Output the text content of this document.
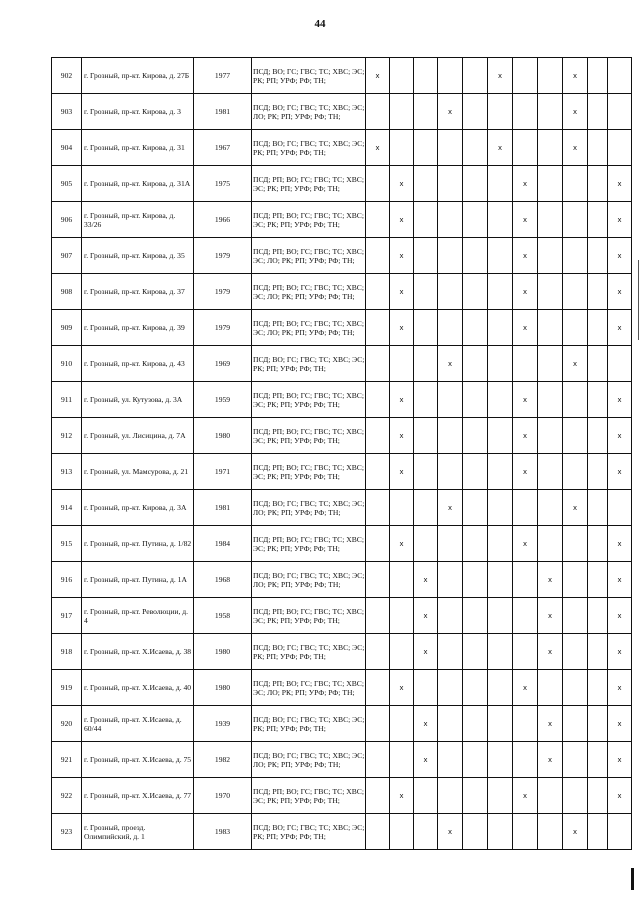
44
902	г. Грозный, пр-кт. Кирова, д. 27Б	1977	ПСД; ВО; ГС; ГВС; ТС; ХВС; ЭС; РК; РП; УРФ; РФ; ТН;	x					x			x		
903	г. Грозный, пр-кт. Кирова, д. 3	1981	ПСД; ВО; ГС; ГВС; ТС; ХВС; ЭС; ЛО; РК; РП; УРФ; РФ; ТН;				x					x		
904	г. Грозный, пр-кт. Кирова, д. 31	1967	ПСД; ВО; ГС; ГВС; ТС; ХВС; ЭС; РК; РП; УРФ; РФ; ТН;	x					x			x		
905	г. Грозный, пр-кт. Кирова, д. 31А	1975	ПСД; РП; ВО; ГС; ГВС; ТС; ХВС; ЭС; РК; РП; УРФ; РФ; ТН;		x					x				x
906	г. Грозный, пр-кт. Кирова, д. 33/26	1966	ПСД; РП; ВО; ГС; ГВС; ТС; ХВС; ЭС; РК; РП; УРФ; РФ; ТН;		x					x				x
907	г. Грозный, пр-кт. Кирова, д. 35	1979	ПСД; РП; ВО; ГС; ГВС; ТС; ХВС; ЭС; ЛО; РК; РП; УРФ; РФ; ТН;		x					x				x
908	г. Грозный, пр-кт. Кирова, д. 37	1979	ПСД; РП; ВО; ГС; ГВС; ТС; ХВС; ЭС; ЛО; РК; РП; УРФ; РФ; ТН;		x					x				x
909	г. Грозный, пр-кт. Кирова, д. 39	1979	ПСД; РП; ВО; ГС; ГВС; ТС; ХВС; ЭС; ЛО; РК; РП; УРФ; РФ; ТН;		x					x				x
910	г. Грозный, пр-кт. Кирова, д. 43	1969	ПСД; ВО; ГС; ГВС; ТС; ХВС; ЭС; РК; РП; УРФ; РФ; ТН;				x					x		
911	г. Грозный, ул. Кутузова, д. 3А	1959	ПСД; РП; ВО; ГС; ГВС; ТС; ХВС; ЭС; РК; РП; УРФ; РФ; ТН;		x					x				x
912	г. Грозный, ул. Лисицина, д. 7А	1980	ПСД; РП; ВО; ГС; ГВС; ТС; ХВС; ЭС; РК; РП; УРФ; РФ; ТН;		x					x				x
913	г. Грозный, ул. Мамсурова, д. 21	1971	ПСД; РП; ВО; ГС; ГВС; ТС; ХВС; ЭС; РК; РП; УРФ; РФ; ТН;		x					x				x
914	г. Грозный, пр-кт. Кирова, д. 3А	1981	ПСД; ВО; ГС; ГВС; ТС; ХВС; ЭС; ЛО; РК; РП; УРФ; РФ; ТН;				x					x		
915	г. Грозный, пр-кт. Путина, д. 1/82	1984	ПСД; РП; ВО; ГС; ГВС; ТС; ХВС; ЭС; РК; РП; УРФ; РФ; ТН;		x					x				x
916	г. Грозный, пр-кт. Путина, д. 1А	1968	ПСД; ВО; ГС; ГВС; ТС; ХВС; ЭС; ЛО; РК; РП; УРФ; РФ; ТН;			x					x			x
917	г. Грозный, пр-кт. Революции, д. 4	1958	ПСД; РП; ВО; ГС; ГВС; ТС; ХВС; ЭС; РК; РП; УРФ; РФ; ТН;			x					x			x
918	г. Грозный, пр-кт. Х.Исаева, д. 38	1980	ПСД; ВО; ГС; ГВС; ТС; ХВС; ЭС; РК; РП; УРФ; РФ; ТН;			x					x			x
919	г. Грозный, пр-кт. Х.Исаева, д. 40	1980	ПСД; РП; ВО; ГС; ГВС; ТС; ХВС; ЭС; ЛО; РК; РП; УРФ; РФ; ТН;		x					x				x
920	г. Грозный, пр-кт. Х.Исаева, д. 60/44	1939	ПСД; ВО; ГС; ГВС; ТС; ХВС; ЭС; РК; РП; УРФ; РФ; ТН;			x					x			x
921	г. Грозный, пр-кт. Х.Исаева, д. 75	1982	ПСД; ВО; ГС; ГВС; ТС; ХВС; ЭС; ЛО; РК; РП; УРФ; РФ; ТН;			x					x			x
922	г. Грозный, пр-кт. Х.Исаева, д. 77	1970	ПСД; РП; ВО; ГС; ГВС; ТС; ХВС; ЭС; РК; РП; УРФ; РФ; ТН;		x					x				x
923	г. Грозный, проезд. Олимпийский, д. 1	1983	ПСД; ВО; ГС; ГВС; ТС; ХВС; ЭС; РК; РП; УРФ; РФ; ТН;				x					x		
